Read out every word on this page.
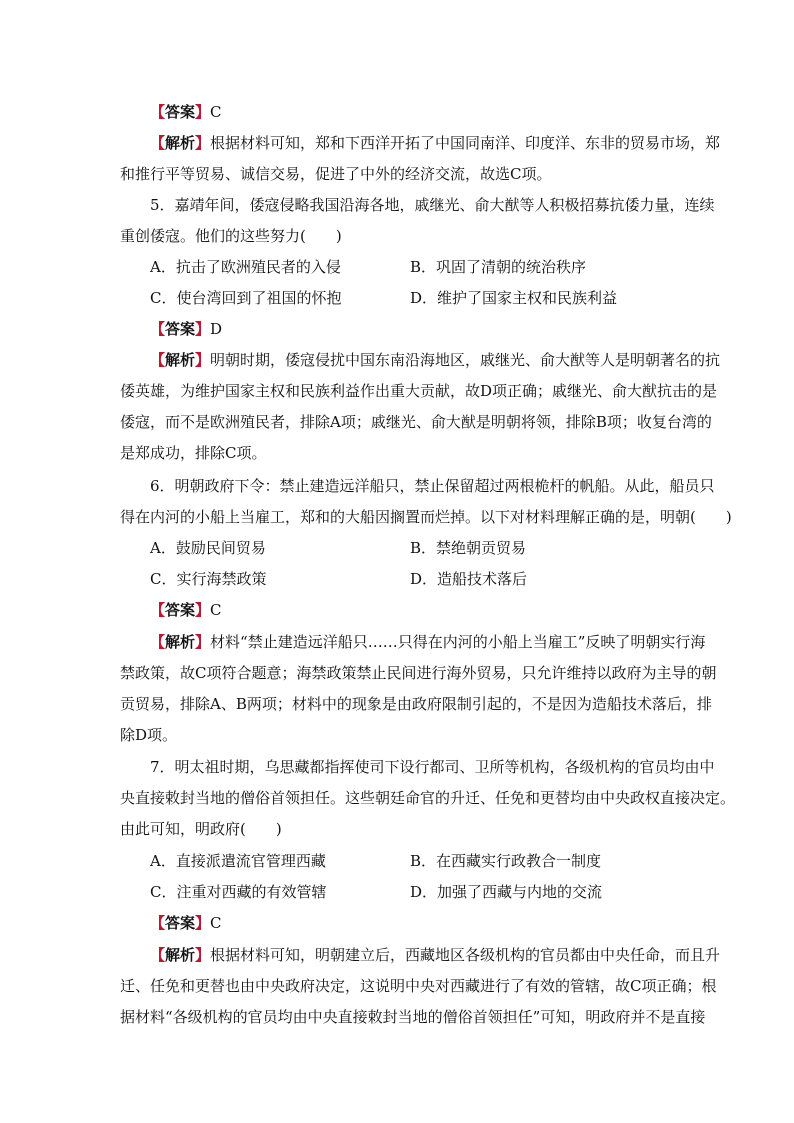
【答案】C
【解析】根据材料可知，郑和下西洋开拓了中国同南洋、印度洋、东非的贸易市场，郑
和推行平等贸易、诚信交易，促进了中外的经济交流，故选C项。
5．嘉靖年间，倭寇侵略我国沿海各地，戚继光、俞大猷等人积极招募抗倭力量，连续
重创倭寇。他们的这些努力(　　)
A．抗击了欧洲殖民者的入侵	B．巩固了清朝的统治秩序
C．使台湾回到了祖国的怀抱	D．维护了国家主权和民族利益
【答案】D
【解析】明朝时期，倭寇侵扰中国东南沿海地区，戚继光、俞大猷等人是明朝著名的抗
倭英雄，为维护国家主权和民族利益作出重大贡献，故D项正确；戚继光、俞大猷抗击的是
倭寇，而不是欧洲殖民者，排除A项；戚继光、俞大猷是明朝将领，排除B项；收复台湾的
是郑成功，排除C项。
6．明朝政府下令：禁止建造远洋船只，禁止保留超过两根桅杆的帆船。从此，船员只
得在内河的小船上当雇工，郑和的大船因搁置而烂掉。以下对材料理解正确的是，明朝(　　)
A．鼓励民间贸易	B．禁绝朝贡贸易
C．实行海禁政策	D．造船技术落后
【答案】C
【解析】材料“禁止建造远洋船只……只得在内河的小船上当雇工”反映了明朝实行海
禁政策，故C项符合题意；海禁政策禁止民间进行海外贸易，只允许维持以政府为主导的朝
贡贸易，排除A、B两项；材料中的现象是由政府限制引起的，不是因为造船技术落后，排
除D项。
7．明太祖时期，乌思藏都指挥使司下设行都司、卫所等机构，各级机构的官员均由中
央直接敕封当地的僧俗首领担任。这些朝廷命官的升迁、任免和更替均由中央政权直接决定。
由此可知，明政府(　　)
A．直接派遣流官管理西藏	B．在西藏实行政教合一制度
C．注重对西藏的有效管辖	D．加强了西藏与内地的交流
【答案】C
【解析】根据材料可知，明朝建立后，西藏地区各级机构的官员都由中央任命，而且升
迁、任免和更替也由中央政府决定，这说明中央对西藏进行了有效的管辖，故C项正确；根
据材料“各级机构的官员均由中央直接敕封当地的僧俗首领担任”可知，明政府并不是直接
